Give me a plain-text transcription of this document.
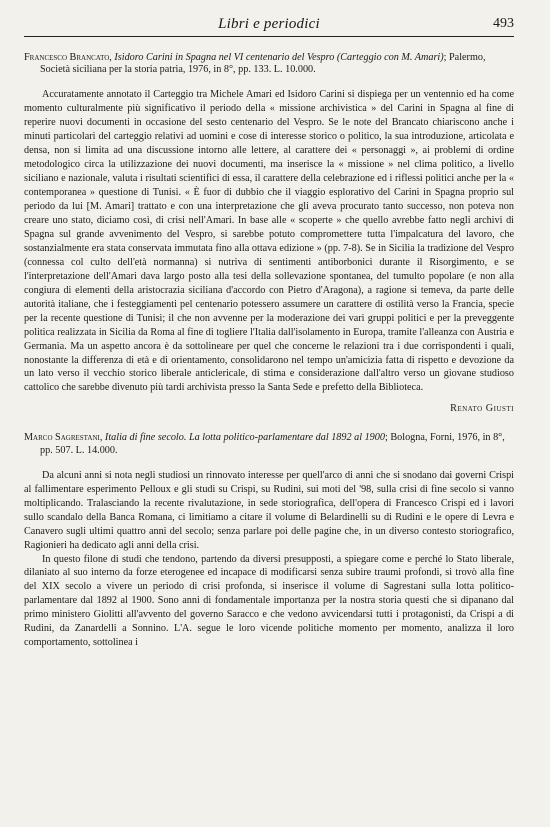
Libri e periodici	493

Francesco Brancato, Isidoro Carini in Spagna nel VI centenario del Vespro (Carteggio con M. Amari); Palermo, Società siciliana per la storia patria, 1976, in 8°, pp. 133. L. 10.000.

Accuratamente annotato il Carteggio tra Michele Amari ed Isidoro Carini si dispiega per un ventennio ed ha come momento culturalmente più significativo il periodo della « missione archivistica » del Carini in Spagna al fine di reperire nuovi documenti in occasione del sesto centenario del Vespro. Se le note del Brancato chiariscono anche i minuti particolari del carteggio relativi ad uomini e cose di interesse storico o politico, la sua introduzione, articolata e densa, non si limita ad una discussione intorno alle lettere, al carattere dei « personaggi », ai problemi di ordine metodologico circa la utilizzazione dei nuovi documenti, ma inserisce la « missione » nel clima politico, a livello siciliano e nazionale, valuta i risultati scientifici di essa, il carattere della celebrazione ed i riflessi politici anche per la « contemporanea » questione di Tunisi. « È fuor di dubbio che il viaggio esplorativo del Carini in Spagna proprio sul periodo da lui [M. Amari] trattato e con una interpretazione che gli aveva procurato tanto successo, non poteva non creare uno stato, diciamo così, di crisi nell'Amari. In base alle « scoperte » che quello avrebbe fatto negli archivi di Spagna sul grande avvenimento del Vespro, si sarebbe potuto compromettere tutta l'impalcatura del lavoro, che sostanzialmente era stata conservata immutata fino alla ottava edizione » (pp. 7-8). Se in Sicilia la tradizione del Vespro (connessa col culto dell'età normanna) si nutriva di sentimenti antiborbonici durante il Risorgimento, e se l'interpretazione dell'Amari dava largo posto alla tesi della sollevazione spontanea, del tumulto popolare (e non alla congiura di elementi della aristocrazia siciliana d'accordo con Pietro d'Aragona), a ragione si temeva, da parte delle autorità italiane, che i festeggiamenti pel centenario potessero assumere un carattere di ostilità verso la Francia, specie per la recente questione di Tunisi; il che non avvenne per la moderazione dei vari gruppi politici e per la preveggente politica realizzata in Sicilia da Roma al fine di togliere l'Italia dall'isolamento in Europa, tramite l'alleanza con Austria e Germania. Ma un aspetto ancora è da sottolineare per quel che concerne le relazioni tra i due corrispondenti i quali, nonostante la differenza di età e di orientamento, consolidarono nel tempo un'amicizia fatta di rispetto e devozione da un lato verso il vecchio storico liberale anticlericale, di stima e considerazione dall'altro verso un giovane studioso cattolico che sarebbe divenuto più tardi archivista presso la Santa Sede e prefetto della Biblioteca.

Renato Giusti

Marco Sagrestani, Italia di fine secolo. La lotta politico-parlamentare dal 1892 al 1900; Bologna, Forni, 1976, in 8°, pp. 507. L. 14.000.

Da alcuni anni si nota negli studiosi un rinnovato interesse per quell'arco di anni che si snodano dai governi Crispi al fallimentare esperimento Pelloux e gli studi su Crispi, su Rudinì, sui moti del '98, sulla crisi di fine secolo si vanno moltiplicando. Tralasciando la recente rivalutazione, in sede storiografica, dell'opera di Francesco Crispi ed i lavori sullo scandalo della Banca Romana, ci limitiamo a citare il volume di Belardinelli su di Rudinì e le opere di Levra e Canavero sugli ultimi quattro anni del secolo; senza parlare poi delle pagine che, in un diverso contesto storiografico, Ragionieri ha dedicato agli anni della crisi.

In questo filone di studi che tendono, partendo da diversi presupposti, a spiegare come e perché lo Stato liberale, dilaniato al suo interno da forze eterogenee ed incapace di modificarsi senza subire traumi profondi, si trovò alla fine del XIX secolo a vivere un periodo di crisi profonda, si inserisce il volume di Sagrestani sulla lotta politico-parlamentare dal 1892 al 1900. Sono anni di fondamentale importanza per la nostra storia questi che si dipanano dal primo ministero Giolitti all'avvento del governo Saracco e che vedono avvicendarsi tutti i protagonisti, da Crispi a di Rudini, da Zanardelli a Sonnino. L'A. segue le loro vicende politiche momento per momento, analizza il loro comportamento, sottolinea i
